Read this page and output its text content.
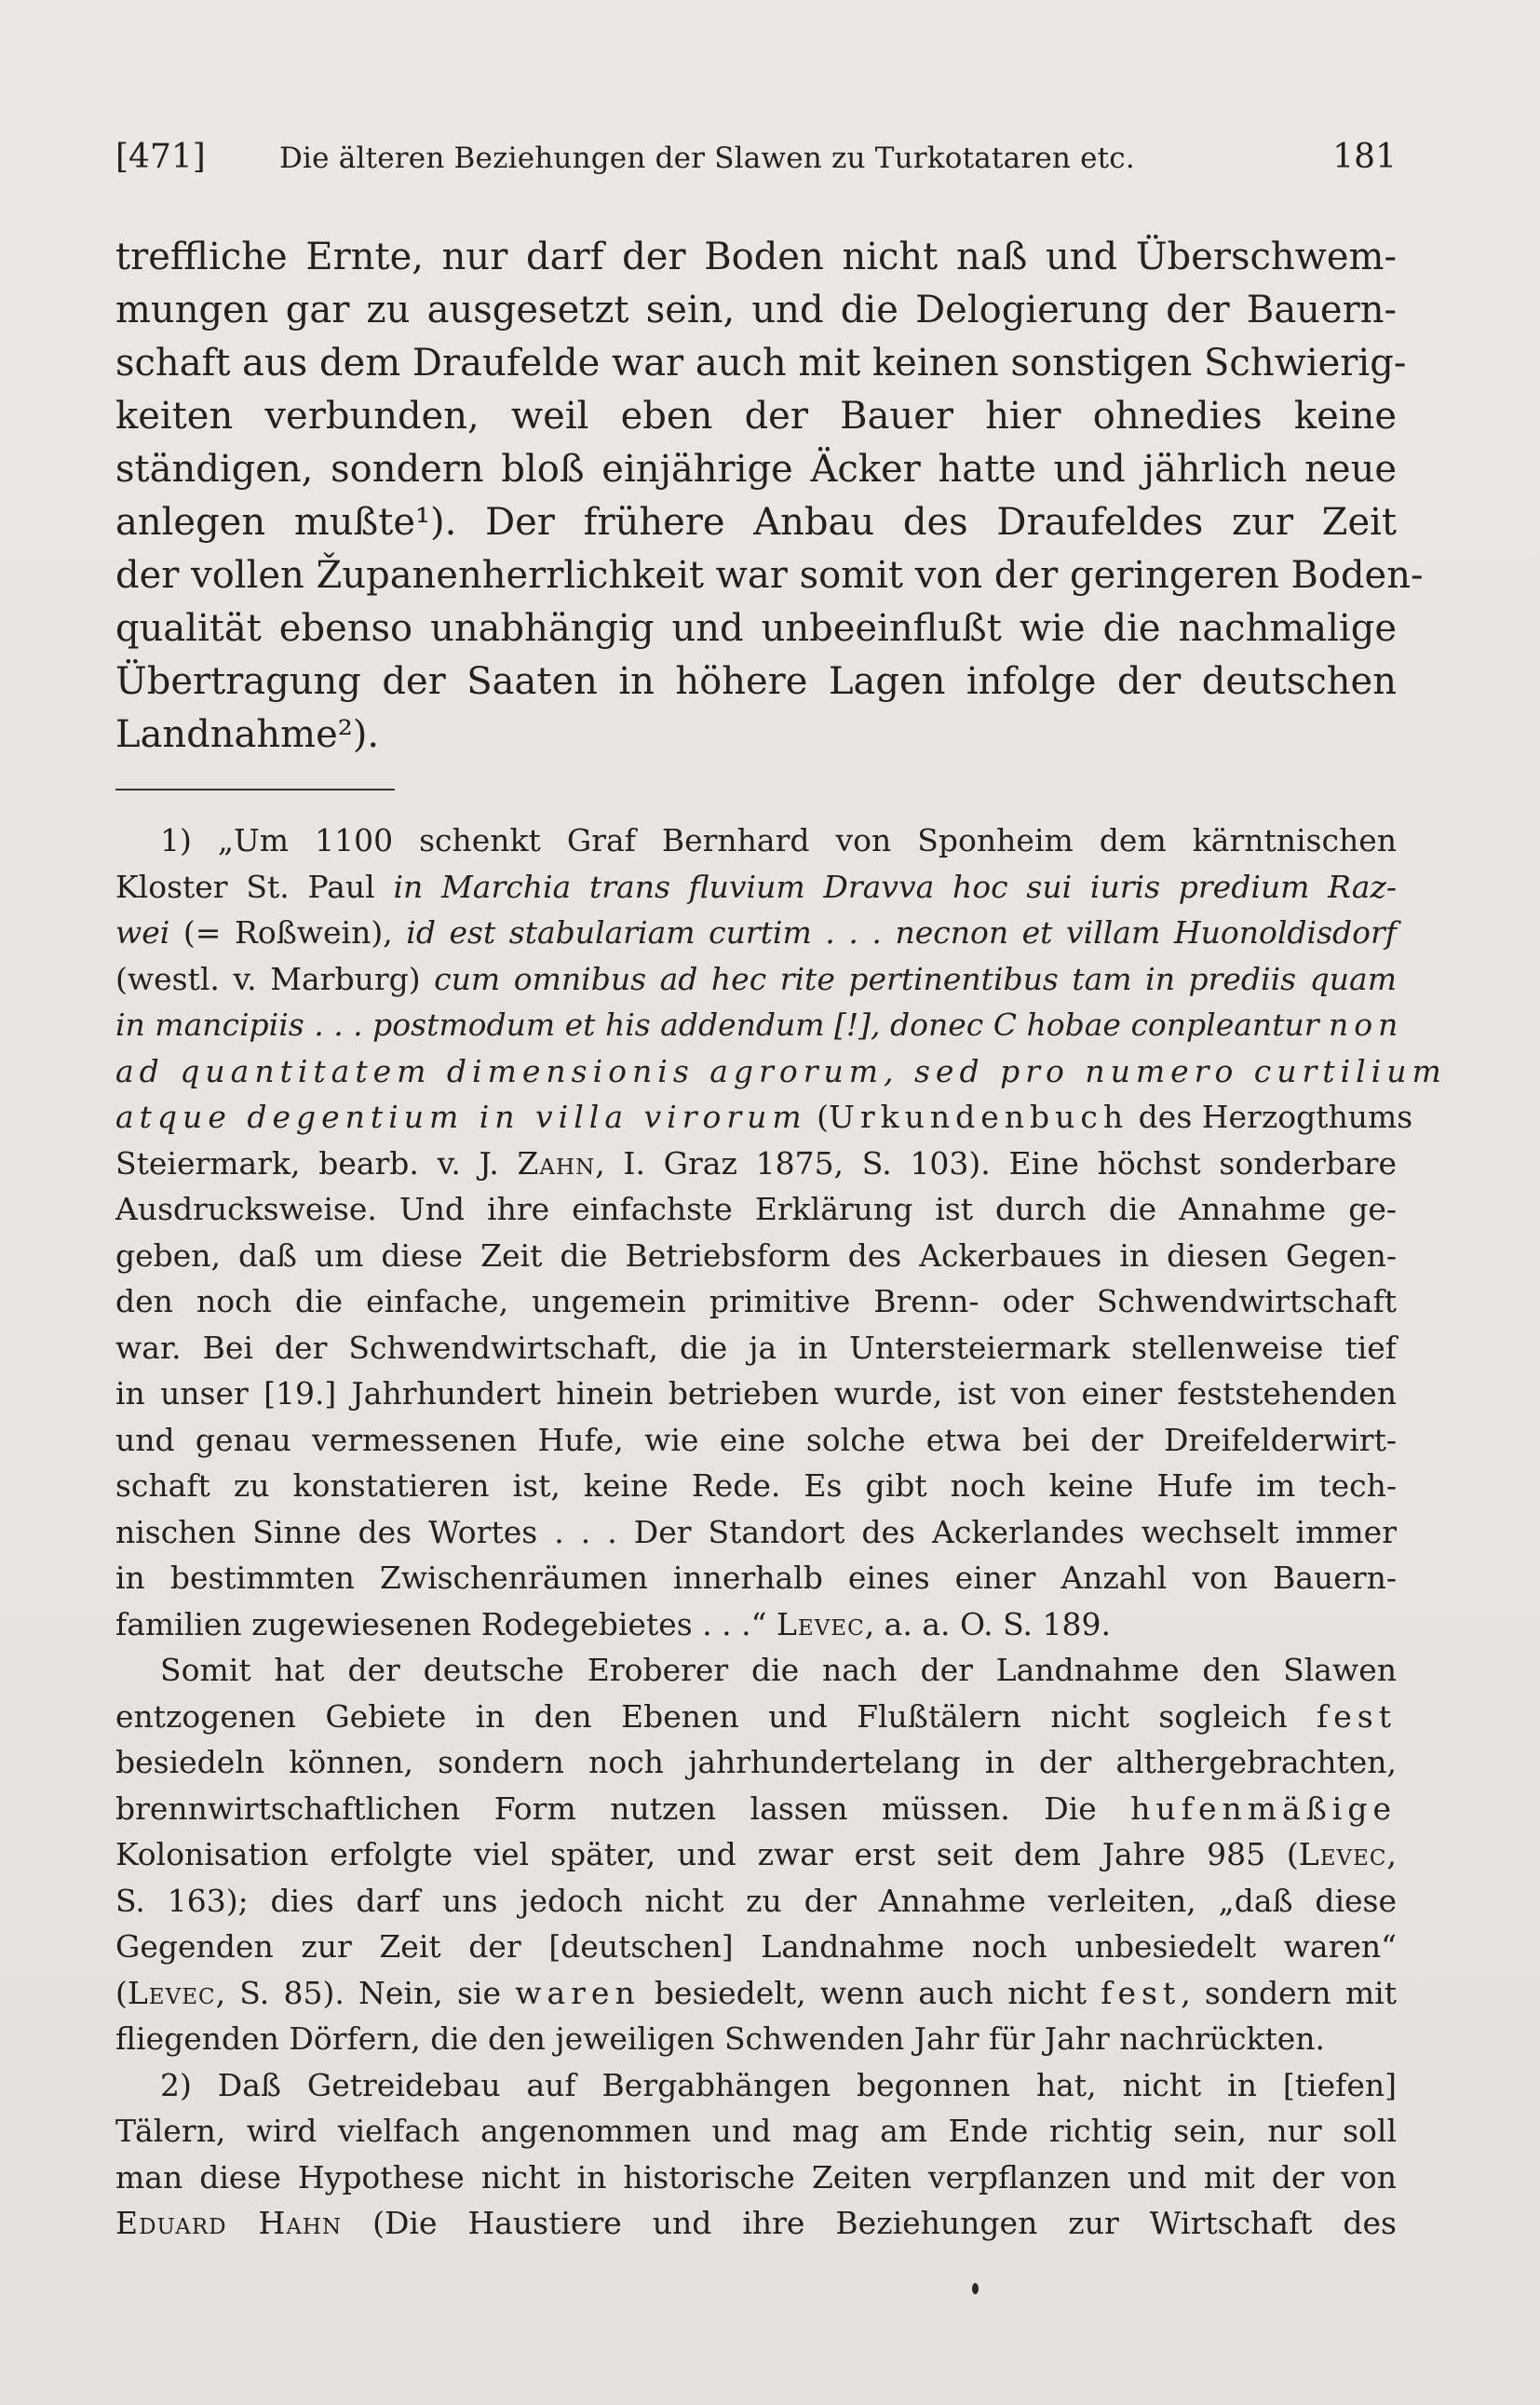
[471]	Die älteren Beziehungen der Slawen zu Turkotataren etc.	181
treffliche Ernte, nur darf der Boden nicht naß und Überschwem-
mungen gar zu ausgesetzt sein, und die Delogierung der Bauern-
schaft aus dem Draufelde war auch mit keinen sonstigen Schwierig-
keiten verbunden, weil eben der Bauer hier ohnedies keine
ständigen, sondern bloß einjährige Äcker hatte und jährlich neue
anlegen mußte¹). Der frühere Anbau des Draufeldes zur Zeit
der vollen Županenherrlichkeit war somit von der geringeren Boden-
qualität ebenso unabhängig und unbeeinflußt wie die nachmalige
Übertragung der Saaten in höhere Lagen infolge der deutschen
Landnahme²).
1) „Um 1100 schenkt Graf Bernhard von Sponheim dem kärntnischen
Kloster St. Paul in Marchia trans fluvium Dravva hoc sui iuris predium Raz-
wei (= Roßwein), id est stabulariam curtim . . . necnon et villam Huonoldisdorf
(westl. v. Marburg) cum omnibus ad hec rite pertinentibus tam in prediis quam
in mancipiis . . . postmodum et his addendum [!], donec C hobae conpleantur non
ad quantitatem dimensionis agrorum, sed pro numero curtilium
atque degentium in villa virorum (Urkundenbuch des Herzogthums
Steiermark, bearb. v. J. Zahn, I. Graz 1875, S. 103). Eine höchst sonderbare
Ausdrucksweise. Und ihre einfachste Erklärung ist durch die Annahme ge-
geben, daß um diese Zeit die Betriebsform des Ackerbaues in diesen Gegen-
den noch die einfache, ungemein primitive Brenn- oder Schwendwirtschaft
war. Bei der Schwendwirtschaft, die ja in Untersteiermark stellenweise tief
in unser [19.] Jahrhundert hinein betrieben wurde, ist von einer feststehenden
und genau vermessenen Hufe, wie eine solche etwa bei der Dreifelderwirt-
schaft zu konstatieren ist, keine Rede. Es gibt noch keine Hufe im tech-
nischen Sinne des Wortes . . . Der Standort des Ackerlandes wechselt immer
in bestimmten Zwischenräumen innerhalb eines einer Anzahl von Bauern-
familien zugewiesenen Rodegebietes . . .“ Levec, a. a. O. S. 189.
Somit hat der deutsche Eroberer die nach der Landnahme den Slawen
entzogenen Gebiete in den Ebenen und Flußtälern nicht sogleich fest
besiedeln können, sondern noch jahrhundertelang in der althergebrachten,
brennwirtschaftlichen Form nutzen lassen müssen. Die hufenmäßige
Kolonisation erfolgte viel später, und zwar erst seit dem Jahre 985 (Levec,
S. 163); dies darf uns jedoch nicht zu der Annahme verleiten, „daß diese
Gegenden zur Zeit der [deutschen] Landnahme noch unbesiedelt waren“
(Levec, S. 85). Nein, sie waren besiedelt, wenn auch nicht fest, sondern mit
fliegenden Dörfern, die den jeweiligen Schwenden Jahr für Jahr nachrückten.
2) Daß Getreidebau auf Bergabhängen begonnen hat, nicht in [tiefen]
Tälern, wird vielfach angenommen und mag am Ende richtig sein, nur soll
man diese Hypothese nicht in historische Zeiten verpflanzen und mit der von
Eduard Hahn (Die Haustiere und ihre Beziehungen zur Wirtschaft des
